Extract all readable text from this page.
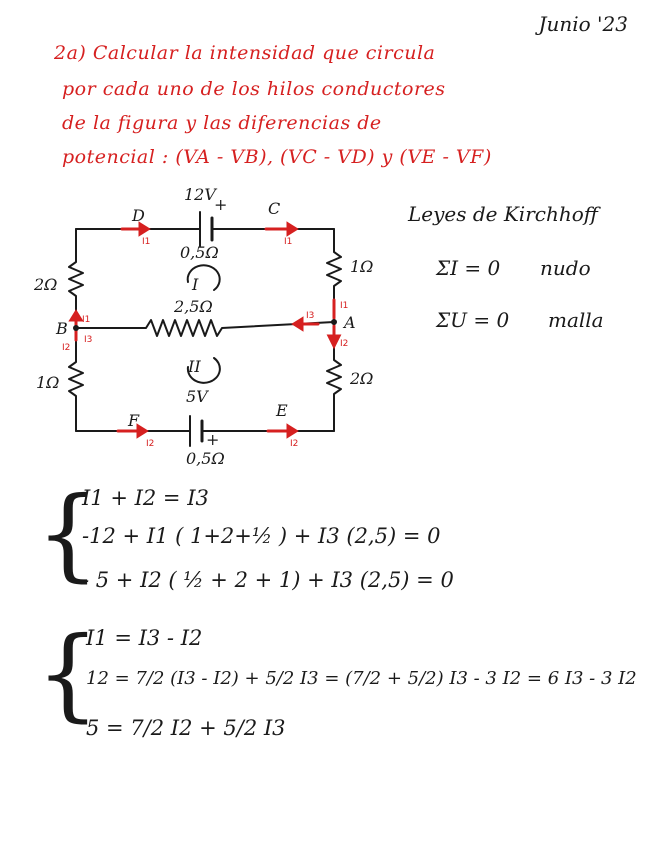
Junio '23
2a) Calcular la intensidad que circula
por cada uno de los hilos conductores
de la figura y las diferencias de
potencial : (VA - VB), (VC - VD) y (VE - VF)
D	C
A
B
F
E
12V
+
0,5Ω
5V
+
0,5Ω
2Ω
1Ω
1Ω
2Ω
2,5Ω
I
II
I1	I1
I1
I2
I3
I1
I3
I2
I2	I2
Leyes de Kirchhoff
ΣI = 0 nudo
ΣU = 0 malla
{
I1 + I2 = I3
-12 + I1 ( 1+2+½ ) + I3 (2,5) = 0
- 5 + I2 ( ½ + 2 + 1) + I3 (2,5) = 0
{
I1 = I3 - I2
12 = 7/2 (I3 - I2) + 5/2 I3 = (7/2 + 5/2) I3 - 3 I2 = 6 I3 - 3 I2
5 = 7/2 I2 + 5/2 I3
